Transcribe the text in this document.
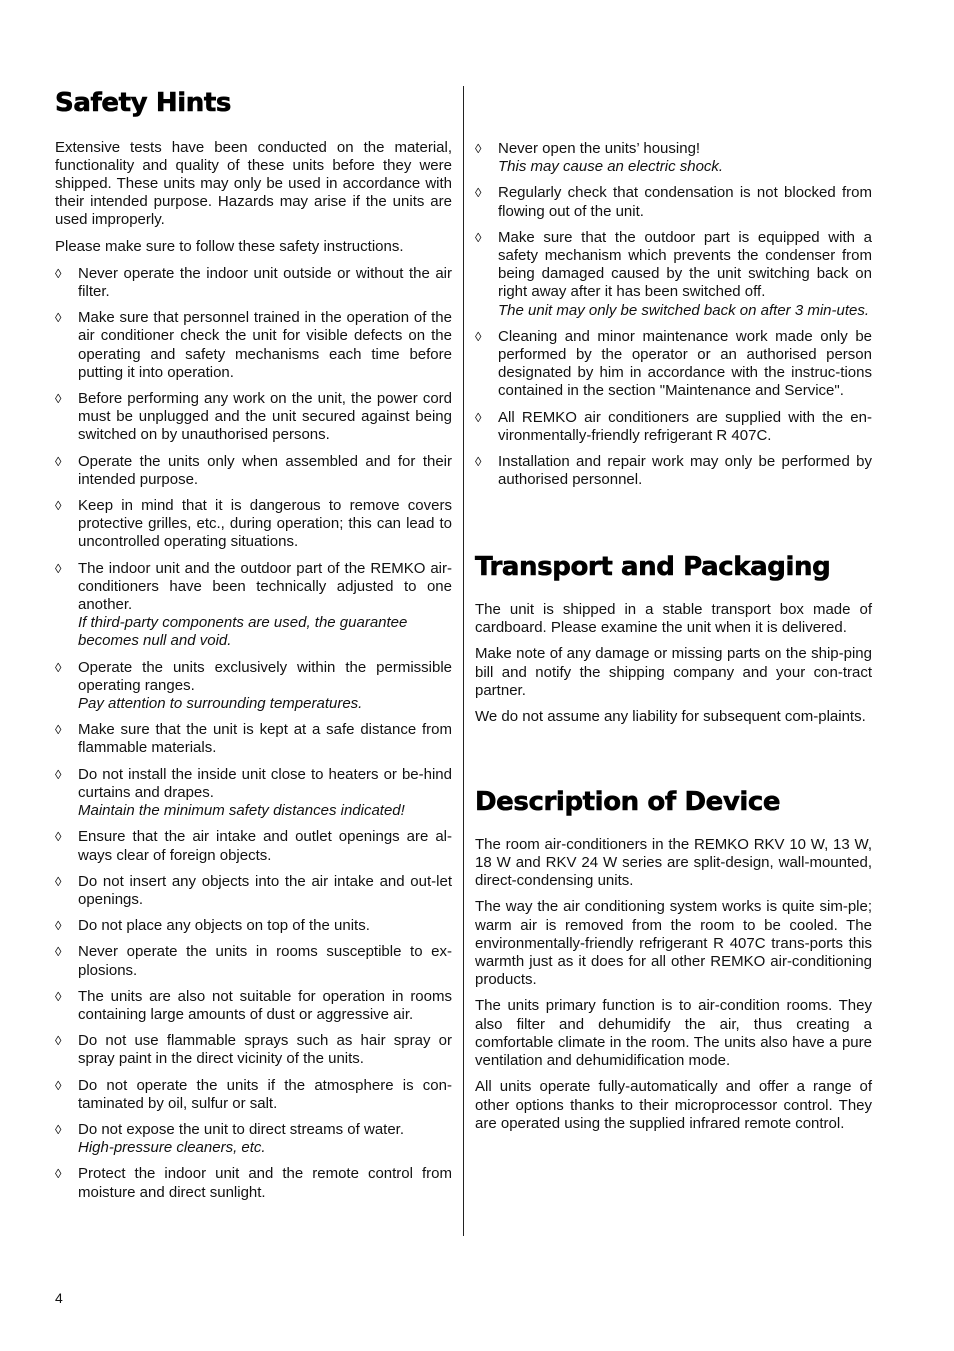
Safety Hints

Extensive tests have been conducted on the material, functionality and quality of these units before they were shipped. These units may only be used in accordance with their intended purpose. Hazards may arise if the units are used improperly.

Please make sure to follow these safety instructions.

◊ Never operate the indoor unit outside or without the air filter.
◊ Make sure that personnel trained in the operation of the air conditioner check the unit for visible defects on the operating and safety mechanisms each time before putting it into operation.
◊ Before performing any work on the unit, the power cord must be unplugged and the unit secured against being switched on by unauthorised persons.
◊ Operate the units only when assembled and for their intended purpose.
◊ Keep in mind that it is dangerous to remove covers protective grilles, etc., during operation; this can lead to uncontrolled operating situations.
◊ The indoor unit and the outdoor part of the REMKO air-conditioners have been technically adjusted to one another.
If third-party components are used, the guarantee becomes null and void.
◊ Operate the units exclusively within the permissible operating ranges.
Pay attention to surrounding temperatures.
◊ Make sure that the unit is kept at a safe distance from flammable materials.
◊ Do not install the inside unit close to heaters or be-hind curtains and drapes.
Maintain the minimum safety distances indicated!
◊ Ensure that the air intake and outlet openings are al-ways clear of foreign objects.
◊ Do not insert any objects into the air intake and out-let openings.
◊ Do not place any objects on top of the units.
◊ Never operate the units in rooms susceptible to ex-plosions.
◊ The units are also not suitable for operation in rooms containing large amounts of dust or aggressive air.
◊ Do not use flammable sprays such as hair spray or spray paint in the direct vicinity of the units.
◊ Do not operate the units if the atmosphere is con-taminated by oil, sulfur or salt.
◊ Do not expose the unit to direct streams of water.
High-pressure cleaners, etc.
◊ Protect the indoor unit and the remote control from moisture and direct sunlight.
◊ Never open the units’ housing!
This may cause an electric shock.
◊ Regularly check that condensation is not blocked from flowing out of the unit.
◊ Make sure that the outdoor part is equipped with a safety mechanism which prevents the condenser from being damaged caused by the unit switching back on right away after it has been switched off.
The unit may only be switched back on after 3 min-utes.
◊ Cleaning and minor maintenance work made only be performed by the operator or an authorised person designated by him in accordance with the instruc-tions contained in the section "Maintenance and Service".
◊ All REMKO air conditioners are supplied with the en-vironmentally-friendly refrigerant R 407C.
◊ Installation and repair work may only be performed by authorised personnel.
Transport and Packaging

The unit is shipped in a stable transport box made of cardboard. Please examine the unit when it is delivered.

Make note of any damage or missing parts on the ship-ping bill and notify the shipping company and your con-tract partner.

We do not assume any liability for subsequent com-plaints.

Description of Device

The room air-conditioners in the REMKO RKV 10 W, 13 W, 18 W and RKV 24 W series are split-design, wall-mounted, direct-condensing units.

The way the air conditioning system works is quite sim-ple; warm air is removed from the room to be cooled. The environmentally-friendly refrigerant R 407C trans-ports this warmth just as it does for all other REMKO air-conditioning products.

The units primary function is to air-condition rooms. They also filter and dehumidify the air, thus creating a comfortable climate in the room. The units also have a pure ventilation and dehumidification mode.

All units operate fully-automatically and offer a range of other options thanks to their microprocessor control. They are operated using the supplied infrared remote control.

4
